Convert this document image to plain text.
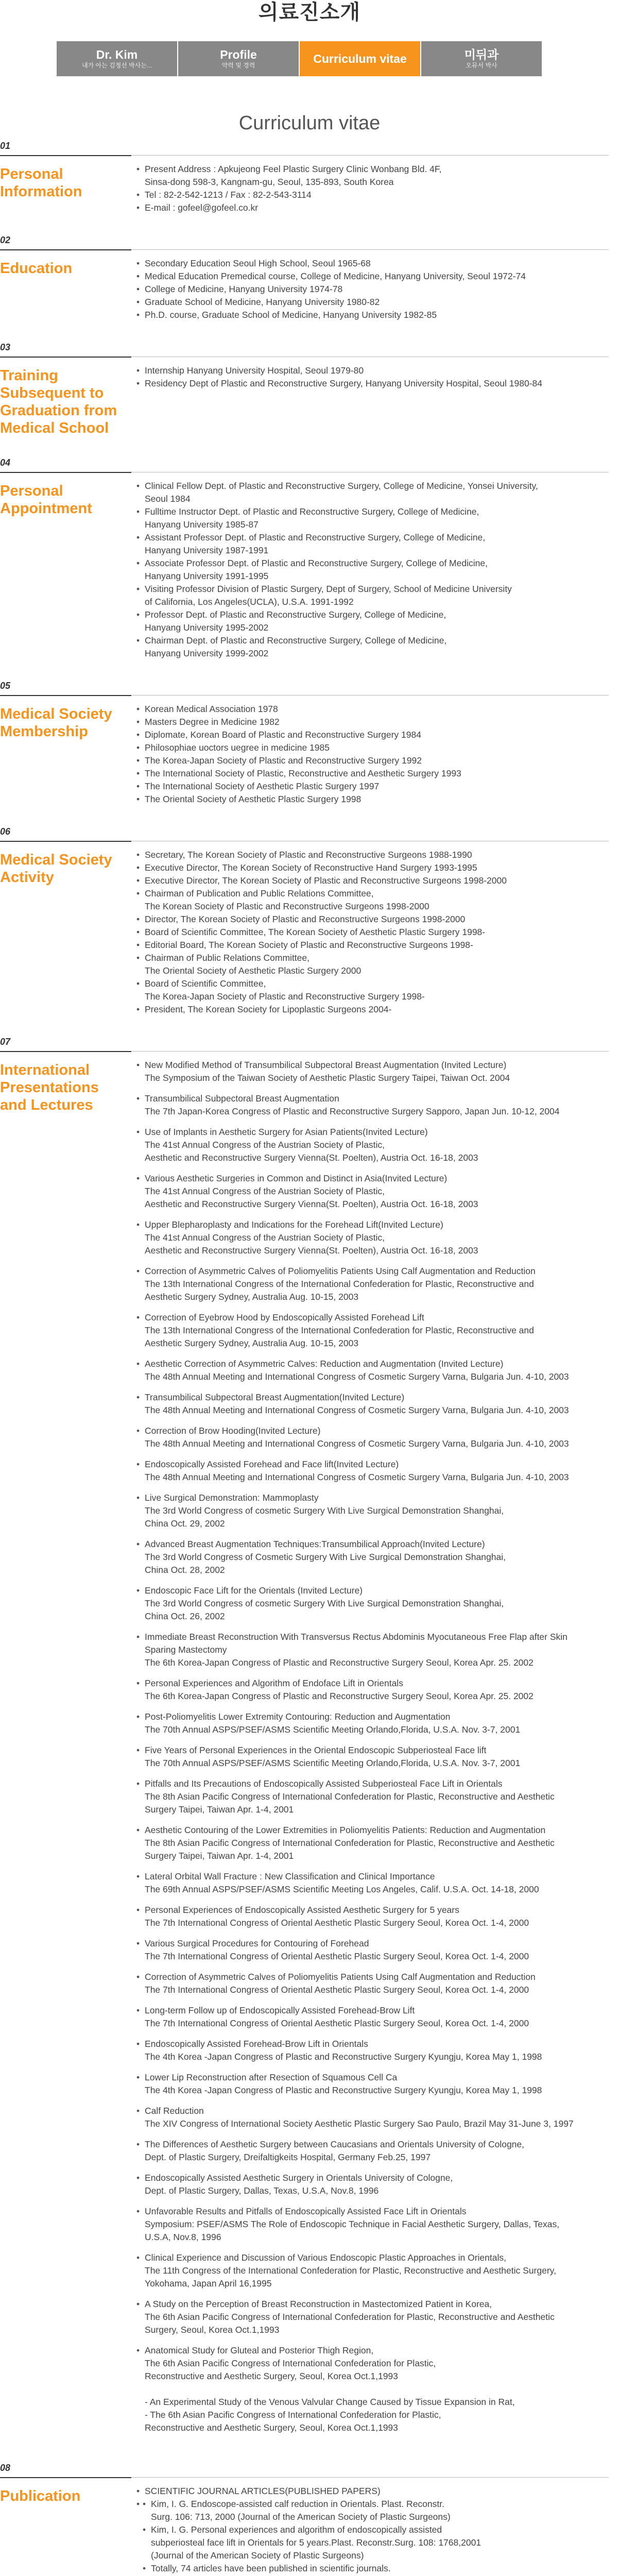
의료진소개
Dr. Kim
내가 아는 김정선 박사는...
Profile
약력 및 경력	Curriculum vitae	미뒤과
오뮤서 박사
Curriculum vitae
01
Personal
Information
• Present Address : Apkujeong Feel Plastic Surgery Clinic Wonbang Bld. 4F,
Sinsa-dong 598-3, Kangnam-gu, Seoul, 135-893, South Korea
• Tel : 82-2-542-1213 / Fax : 82-2-543-3114
• E-mail : gofeel@gofeel.co.kr
02
Education	• Secondary Education Seoul High School, Seoul 1965-68
• Medical Education Premedical course, College of Medicine, Hanyang University, Seoul 1972-74
• College of Medicine, Hanyang University 1974-78
• Graduate School of Medicine, Hanyang University 1980-82
• Ph.D. course, Graduate School of Medicine, Hanyang University 1982-85
03
Training
Subsequent to
Graduation from
Medical School
• Internship Hanyang University Hospital, Seoul 1979-80
• Residency Dept of Plastic and Reconstructive Surgery, Hanyang University Hospital, Seoul 1980-84
04
Personal
Appointment
• Clinical Fellow Dept. of Plastic and Reconstructive Surgery, College of Medicine, Yonsei University,
Seoul 1984
• Fulltime Instructor Dept. of Plastic and Reconstructive Surgery, College of Medicine,
Hanyang University 1985-87
• Assistant Professor Dept. of Plastic and Reconstructive Surgery, College of Medicine,
Hanyang University 1987-1991
• Associate Professor Dept. of Plastic and Reconstructive Surgery, College of Medicine,
Hanyang University 1991-1995
• Visiting Professor Division of Plastic Surgery, Dept of Surgery, School of Medicine University
of California, Los Angeles(UCLA), U.S.A. 1991-1992
• Professor Dept. of Plastic and Reconstructive Surgery, College of Medicine,
Hanyang University 1995-2002
• Chairman Dept. of Plastic and Reconstructive Surgery, College of Medicine,
Hanyang University 1999-2002
05
Medical Society
Membership
• Korean Medical Association 1978
• Masters Degree in Medicine 1982
• Diplomate, Korean Board of Plastic and Reconstructive Surgery 1984
• Philosophiae uoctors uegree in medicine 1985
• The Korea-Japan Society of Plastic and Reconstructive Surgery 1992
• The International Society of Plastic, Reconstructive and Aesthetic Surgery 1993
• The International Society of Aesthetic Plastic Surgery 1997
• The Oriental Society of Aesthetic Plastic Surgery 1998
06
Medical Society
Activity
• Secretary, The Korean Society of Plastic and Reconstructive Surgeons 1988-1990
• Executive Director, The Korean Society of Reconstructive Hand Surgery 1993-1995
• Executive Director, The Korean Society of Plastic and Reconstructive Surgeons 1998-2000
• Chairman of Publication and Public Relations Committee,
The Korean Society of Plastic and Reconstructive Surgeons 1998-2000
• Director, The Korean Society of Plastic and Reconstructive Surgeons 1998-2000
• Board of Scientific Committee, The Korean Society of Aesthetic Plastic Surgery 1998-
• Editorial Board, The Korean Society of Plastic and Reconstructive Surgeons 1998-
• Chairman of Public Relations Committee,
The Oriental Society of Aesthetic Plastic Surgery 2000
• Board of Scientific Committee,
The Korea-Japan Society of Plastic and Reconstructive Surgery 1998-
• President, The Korean Society for Lipoplastic Surgeons 2004-
07
International
Presentations
and Lectures
• New Modified Method of Transumbilical Subpectoral Breast Augmentation (Invited Lecture)
The Symposium of the Taiwan Society of Aesthetic Plastic Surgery Taipei, Taiwan Oct. 2004
• Transumbilical Subpectoral Breast Augmentation
The 7th Japan-Korea Congress of Plastic and Reconstructive Surgery Sapporo, Japan Jun. 10-12, 2004
• Use of Implants in Aesthetic Surgery for Asian Patients(Invited Lecture)
The 41st Annual Congress of the Austrian Society of Plastic,
Aesthetic and Reconstructive Surgery Vienna(St. Poelten), Austria Oct. 16-18, 2003
• Various Aesthetic Surgeries in Common and Distinct in Asia(Invited Lecture)
The 41st Annual Congress of the Austrian Society of Plastic,
Aesthetic and Reconstructive Surgery Vienna(St. Poelten), Austria Oct. 16-18, 2003
• Upper Blepharoplasty and Indications for the Forehead Lift(Invited Lecture)
The 41st Annual Congress of the Austrian Society of Plastic,
Aesthetic and Reconstructive Surgery Vienna(St. Poelten), Austria Oct. 16-18, 2003
• Correction of Asymmetric Calves of Poliomyelitis Patients Using Calf Augmentation and Reduction
The 13th International Congress of the International Confederation for Plastic, Reconstructive and
Aesthetic Surgery Sydney, Australia Aug. 10-15, 2003
• Correction of Eyebrow Hood by Endoscopically Assisted Forehead Lift
The 13th International Congress of the International Confederation for Plastic, Reconstructive and
Aesthetic Surgery Sydney, Australia Aug. 10-15, 2003
• Aesthetic Correction of Asymmetric Calves: Reduction and Augmentation (Invited Lecture)
The 48th Annual Meeting and International Congress of Cosmetic Surgery Varna, Bulgaria Jun. 4-10, 2003
• Transumbilical Subpectoral Breast Augmentation(Invited Lecture)
The 48th Annual Meeting and International Congress of Cosmetic Surgery Varna, Bulgaria Jun. 4-10, 2003
• Correction of Brow Hooding(Invited Lecture)
The 48th Annual Meeting and International Congress of Cosmetic Surgery Varna, Bulgaria Jun. 4-10, 2003
• Endoscopically Assisted Forehead and Face lift(Invited Lecture)
The 48th Annual Meeting and International Congress of Cosmetic Surgery Varna, Bulgaria Jun. 4-10, 2003
• Live Surgical Demonstration: Mammoplasty
The 3rd World Congress of cosmetic Surgery With Live Surgical Demonstration Shanghai,
China Oct. 29, 2002
• Advanced Breast Augmentation Techniques:Transumbilical Approach(Invited Lecture)
The 3rd World Congress of Cosmetic Surgery With Live Surgical Demonstration Shanghai,
China Oct. 28, 2002
• Endoscopic Face Lift for the Orientals (Invited Lecture)
The 3rd World Congress of cosmetic Surgery With Live Surgical Demonstration Shanghai,
China Oct. 26, 2002
• Immediate Breast Reconstruction With Transversus Rectus Abdominis Myocutaneous Free Flap after Skin
Sparing Mastectomy
The 6th Korea-Japan Congress of Plastic and Reconstructive Surgery Seoul, Korea Apr. 25. 2002
• Personal Experiences and Algorithm of Endoface Lift in Orientals
The 6th Korea-Japan Congress of Plastic and Reconstructive Surgery Seoul, Korea Apr. 25. 2002
• Post-Poliomyelitis Lower Extremity Contouring: Reduction and Augmentation
The 70th Annual ASPS/PSEF/ASMS Scientific Meeting Orlando,Florida, U.S.A. Nov. 3-7, 2001
• Five Years of Personal Experiences in the Oriental Endoscopic Subperiosteal Face lift
The 70th Annual ASPS/PSEF/ASMS Scientific Meeting Orlando,Florida, U.S.A. Nov. 3-7, 2001
• Pitfalls and Its Precautions of Endoscopically Assisted Subperiosteal Face Lift in Orientals
The 8th Asian Pacific Congress of International Confederation for Plastic, Reconstructive and Aesthetic
Surgery Taipei, Taiwan Apr. 1-4, 2001
• Aesthetic Contouring of the Lower Extremities in Poliomyelitis Patients: Reduction and Augmentation
The 8th Asian Pacific Congress of International Confederation for Plastic, Reconstructive and Aesthetic
Surgery Taipei, Taiwan Apr. 1-4, 2001
• Lateral Orbital Wall Fracture : New Classification and Clinical Importance
The 69th Annual ASPS/PSEF/ASMS Scientific Meeting Los Angeles, Calif. U.S.A. Oct. 14-18, 2000
• Personal Experiences of Endoscopically Assisted Aesthetic Surgery for 5 years
The 7th International Congress of Oriental Aesthetic Plastic Surgery Seoul, Korea Oct. 1-4, 2000
• Various Surgical Procedures for Contouring of Forehead
The 7th International Congress of Oriental Aesthetic Plastic Surgery Seoul, Korea Oct. 1-4, 2000
• Correction of Asymmetric Calves of Poliomyelitis Patients Using Calf Augmentation and Reduction
The 7th International Congress of Oriental Aesthetic Plastic Surgery Seoul, Korea Oct. 1-4, 2000
• Long-term Follow up of Endoscopically Assisted Forehead-Brow Lift
The 7th International Congress of Oriental Aesthetic Plastic Surgery Seoul, Korea Oct. 1-4, 2000
• Endoscopically Assisted Forehead-Brow Lift in Orientals
The 4th Korea -Japan Congress of Plastic and Reconstructive Surgery Kyungju, Korea May 1, 1998
• Lower Lip Reconstruction after Resection of Squamous Cell Ca
The 4th Korea -Japan Congress of Plastic and Reconstructive Surgery Kyungju, Korea May 1, 1998
• Calf Reduction
The XIV Congress of International Society Aesthetic Plastic Surgery Sao Paulo, Brazil May 31-June 3, 1997
• The Differences of Aesthetic Surgery between Caucasians and Orientals University of Cologne,
Dept. of Plastic Surgery, Dreifaltigkeits Hospital, Germany Feb.25, 1997
• Endoscopically Assisted Aesthetic Surgery in Orientals University of Cologne,
Dept. of Plastic Surgery, Dallas, Texas, U.S.A, Nov.8, 1996
• Unfavorable Results and Pitfalls of Endoscopically Assisted Face Lift in Orientals
Symposium: PSEF/ASMS The Role of Endoscopic Technique in Facial Aesthetic Surgery, Dallas, Texas,
U.S.A, Nov.8, 1996
• Clinical Experience and Discussion of Various Endoscopic Plastic Approaches in Orientals,
The 11th Congress of the International Confederation for Plastic, Reconstructive and Aesthetic Surgery,
Yokohama, Japan April 16,1995
• A Study on the Perception of Breast Reconstruction in Mastectomized Patient in Korea,
The 6th Asian Pacific Congress of International Confederation for Plastic, Reconstructive and Aesthetic
Surgery, Seoul, Korea Oct.1,1993
• Anatomical Study for Gluteal and Posterior Thigh Region,
The 6th Asian Pacific Congress of International Confederation for Plastic,
Reconstructive and Aesthetic Surgery, Seoul, Korea Oct.1,1993

- An Experimental Study of the Venous Valvular Change Caused by Tissue Expansion in Rat,
- The 6th Asian Pacific Congress of International Confederation for Plastic,
Reconstructive and Aesthetic Surgery, Seoul, Korea Oct.1,1993
08
Publication	• SCIENTIFIC JOURNAL ARTICLES(PUBLISHED PAPERS)
• • Kim, I. G. Endoscope-assisted calf reduction in Orientals. Plast. Reconstr.
Surg. 106: 713, 2000 (Journal of the American Society of Plastic Surgeons)
• Kim, I. G. Personal experiences and algorithm of endoscopically assisted
subperiosteal face lift in Orientals for 5 years.Plast. Reconstr.Surg. 108: 1768,2001
(Journal of the American Society of Plastic Surgeons)
• Totally, 74 articles have been published in scientific journals.
